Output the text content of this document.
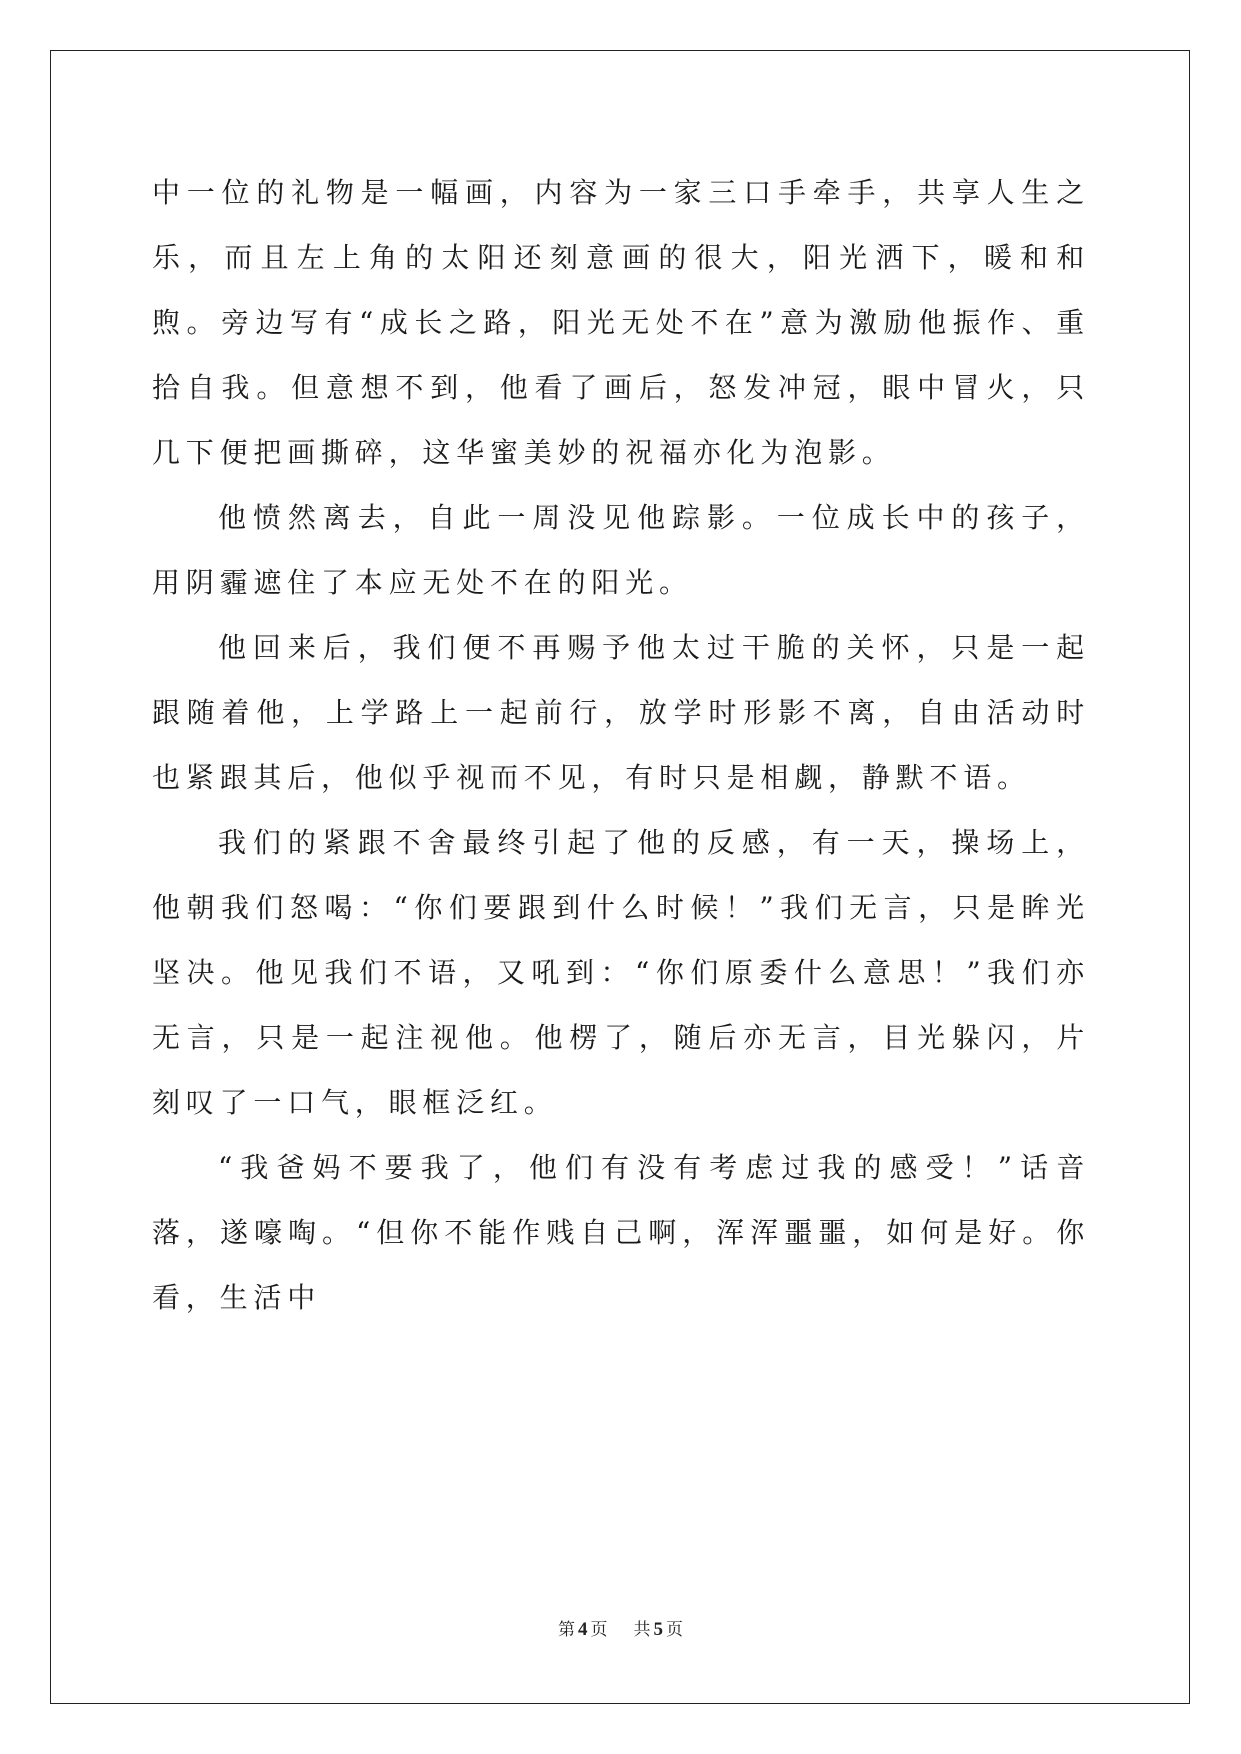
中一位的礼物是一幅画，内容为一家三口手牵手，共享人生之乐，而且左上角的太阳还刻意画的很大，阳光洒下，暖和和煦。旁边写有“成长之路，阳光无处不在”意为激励他振作、重拾自我。但意想不到，他看了画后，怒发冲冠，眼中冒火，只几下便把画撕碎，这华蜜美妙的祝福亦化为泡影。

他愤然离去，自此一周没见他踪影。一位成长中的孩子，用阴霾遮住了本应无处不在的阳光。

他回来后，我们便不再赐予他太过干脆的关怀，只是一起跟随着他，上学路上一起前行，放学时形影不离，自由活动时也紧跟其后，他似乎视而不见，有时只是相觑，静默不语。

我们的紧跟不舍最终引起了他的反感，有一天，操场上，他朝我们怒喝：“你们要跟到什么时候！”我们无言，只是眸光坚决。他见我们不语，又吼到：“你们原委什么意思！”我们亦无言，只是一起注视他。他楞了，随后亦无言，目光躲闪，片刻叹了一口气，眼框泛红。

“我爸妈不要我了，他们有没有考虑过我的感受！”话音落，遂嚎啕。“但你不能作贱自己啊，浑浑噩噩，如何是好。你看，生活中

第 4 页 共 5 页
